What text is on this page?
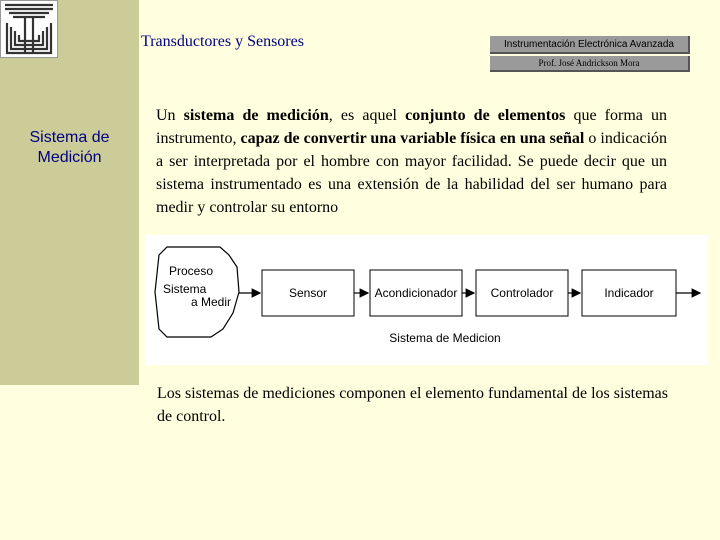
Sistema de Medición
Transductores y Sensores	Instrumentación Electrónica Avanzada
Prof. José Andrickson Mora

Un sistema de medición, es aquel conjunto de elementos que forma un instrumento, capaz de convertir una variable física en una señal o indicación a ser interpretada por el hombre con mayor facilidad. Se puede decir que un sistema instrumentado es una extensión de la habilidad del ser humano para medir y controlar su entorno

Proceso
Sistema
a Medir
Sensor	Acondicionador	Controlador	Indicador
Sistema de Medicion

Los sistemas de mediciones componen el elemento fundamental de los sistemas de control.
